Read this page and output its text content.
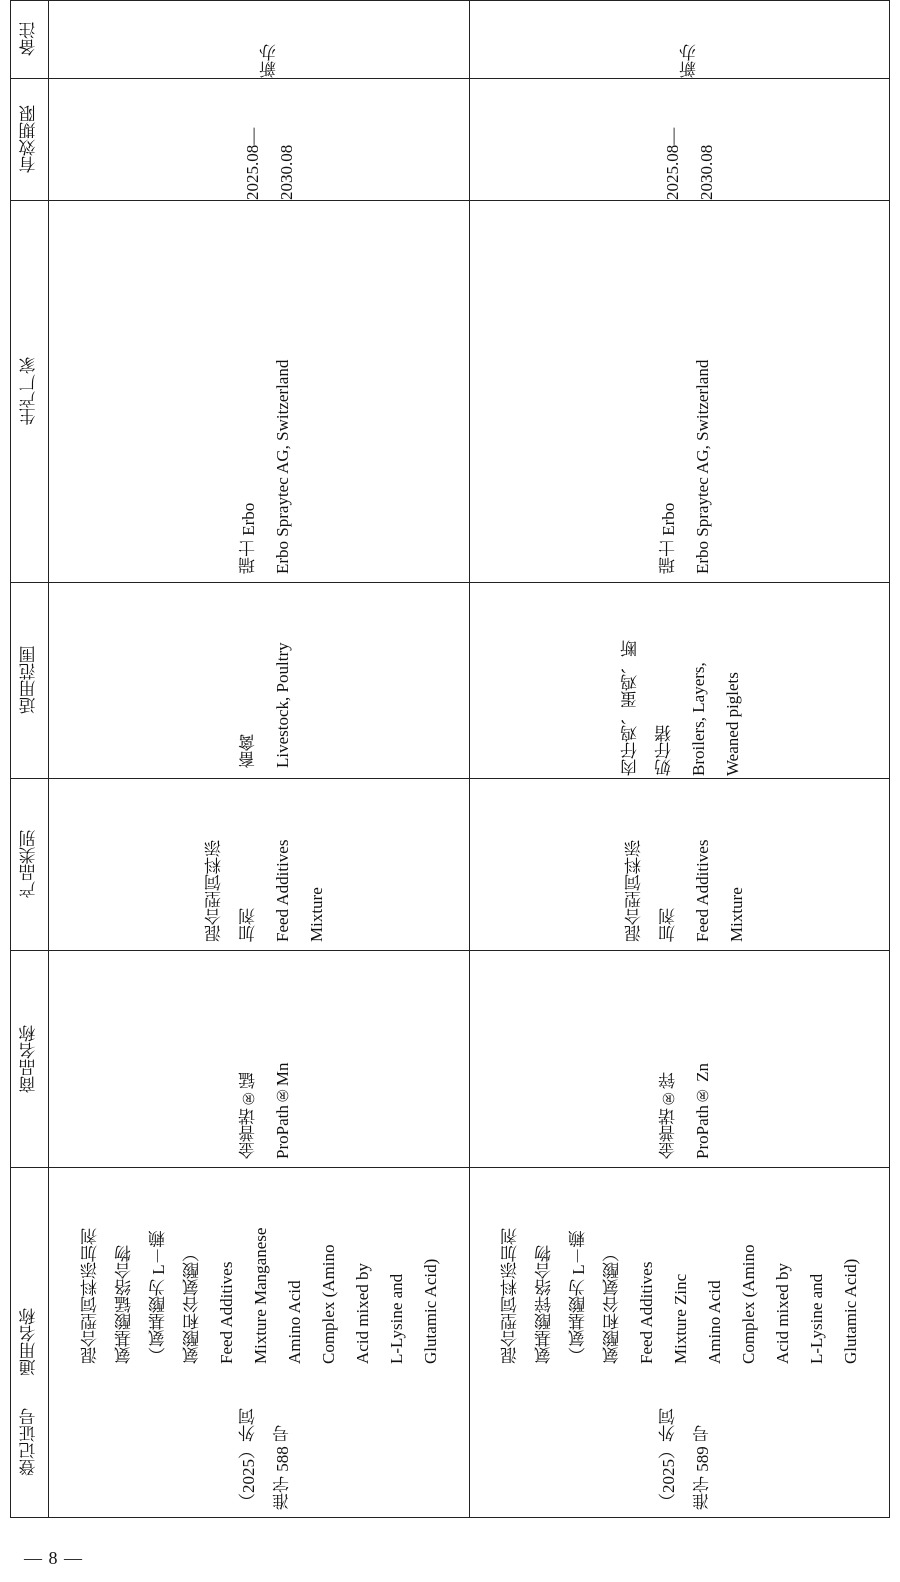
备注
有效期限
生产厂家
适用范围
产品类别
商品名称
通用名称
登记证号
新办
2025.08— 2030.08
瑞士 Erbo Erbo Spraytec AG, Switzerland
畜禽 Livestock, Poultry
混合型饲料添 加剂 Feed Additives Mixture
金普诺®锰 ProPath®Mn
混合型饲料添加剂 氨基酸锰络合物 （氨基酸为 L－赖 氨酸和谷氨酸） Feed Additives Mixture Manganese Amino Acid Complex (Amino Acid mixed by L-Lysine and Glutamic Acid)
（2025）外饲 准字 588 号
新办
2025.08— 2030.08
瑞士 Erbo Erbo Spraytec AG, Switzerland
肉仔鸡、蛋鸡、断 奶仔猪 Broilers, Layers, Weaned piglets
混合型饲料添 加剂 Feed Additives Mixture
金普诺®锌 ProPath® Zn
混合型饲料添加剂 氨基酸锌络合物 （氨基酸为 L－赖 氨酸和谷氨酸） Feed Additives Mixture Zinc Amino Acid Complex (Amino Acid mixed by L-Lysine and Glutamic Acid)
（2025）外饲 准字 589 号
— 8 —
